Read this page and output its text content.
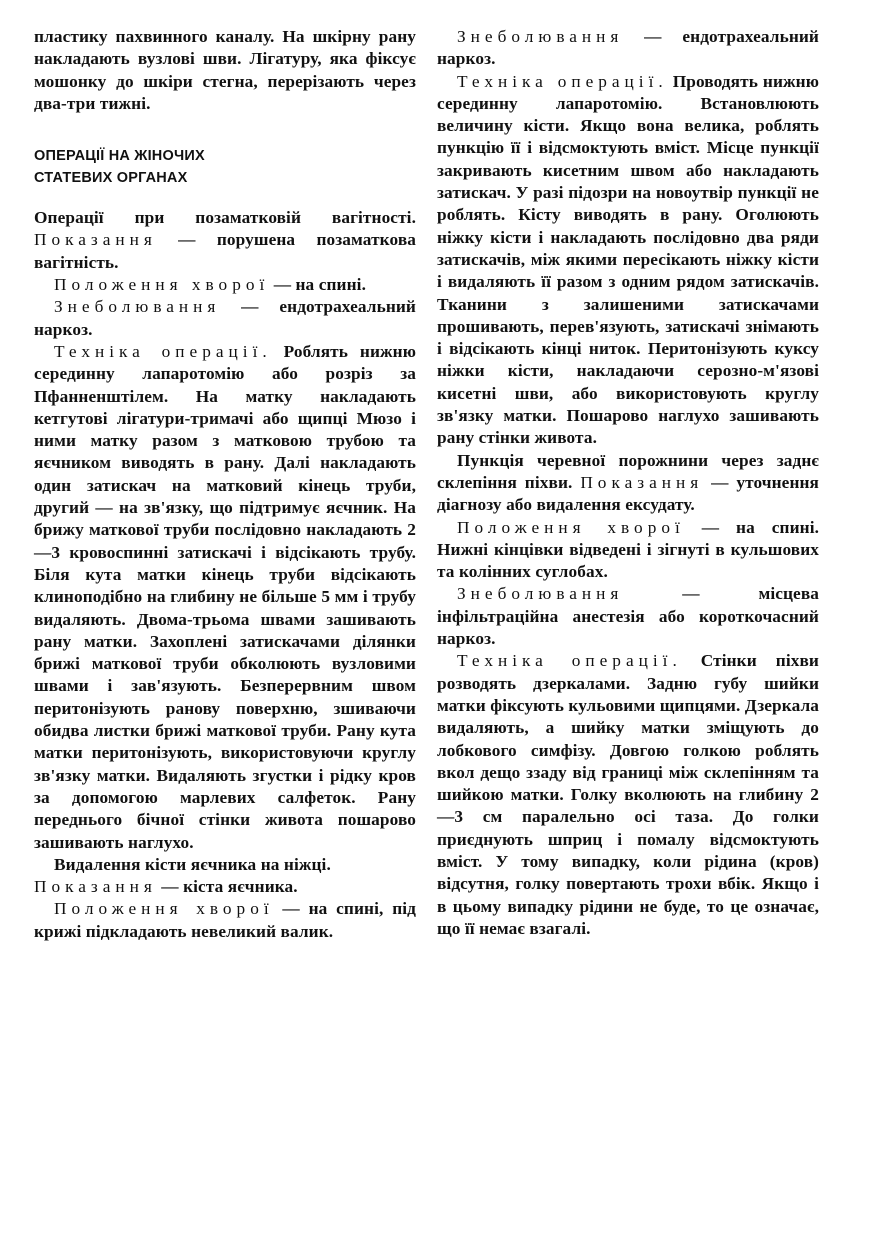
пластику пахвинного каналу. На шкірну рану накладають вузлові шви. Лігатуру, яка фіксує мошонку до шкіри стегна, перерізають через два-три тижні.

ОПЕРАЦІЇ НА ЖІНОЧИХ
СТАТЕВИХ ОРГАНАХ

Операції при позаматковій вагітності. Показання — порушена позаматкова вагітність.

Положення хворої — на спині.

Знеболювання — ендотрахеальний наркоз.

Техніка операції. Роблять нижню серединну лапаротомію або розріз за Пфанненштілем. На матку накладають кетгутові лігатури-тримачі або щипці Мюзо і ними матку разом з матковою трубою та яєчником виводять в рану. Далі накладають один затискач на матковий кінець труби, другий — на зв'язку, що підтримує яєчник. На брижу маткової труби послідовно накладають 2—3 кровоспинні затискачі і відсікають трубу. Біля кута матки кінець труби відсікають клиноподібно на глибину не більше 5 мм і трубу видаляють. Двома-трьома швами зашивають рану матки. Захоплені затискачами ділянки брижі маткової труби обколюють вузловими швами і зав'язують. Безперервним швом перитонізують ранову поверхню, зшиваючи обидва листки брижі маткової труби. Рану кута матки перитонізують, використовуючи круглу зв'язку матки. Видаляють згустки і рідку кров за допомогою марлевих салфеток. Рану переднього бічної стінки живота пошарово зашивають наглухо.

Видалення кісти яєчника на ніжці.

Показання — кіста яєчника.

Положення хворої — на спині, під крижі підкладають невеликий валик.

Знеболювання — ендотрахеальний наркоз.

Техніка операції. Проводять нижню серединну лапаротомію. Встановлюють величину кісти. Якщо вона велика, роблять пункцію її і відсмоктують вміст. Місце пункції закривають кисетним швом або накладають затискач. У разі підозри на новоутвір пункції не роблять. Кісту виводять в рану. Оголюють ніжку кісти і накладають послідовно два ряди затискачів, між якими пересікають ніжку кісти і видаляють її разом з одним рядом затискачів. Тканини з залишеними затискачами прошивають, перев'язують, затискачі знімають і відсікають кінці ниток. Перитонізують куксу ніжки кісти, накладаючи серозно-м'язові кисетні шви, або використовують круглу зв'язку матки. Пошарово наглухо зашивають рану стінки живота.

Пункція черевної порожнини через заднє склепіння піхви. Показання — уточнення діагнозу або видалення ексудату.

Положення хворої — на спині. Нижні кінцівки відведені і зігнуті в кульшових та колінних суглобах.

Знеболювання — місцева інфільтраційна анестезія або короткочасний наркоз.

Техніка операції. Стінки піхви розводять дзеркалами. Задню губу шийки матки фіксують кульовими щипцями. Дзеркала видаляють, а шийку матки зміщують до лобкового симфізу. Довгою голкою роблять вкол дещо ззаду від границі між склепінням та шийкою матки. Голку вколюють на глибину 2—3 см паралельно осі таза. До голки приєднують шприц і помалу відсмоктують вміст. У тому випадку, коли рідина (кров) відсутня, голку повертають трохи вбік. Якщо і в цьому випадку рідини не буде, то це означає, що її немає взагалі.
